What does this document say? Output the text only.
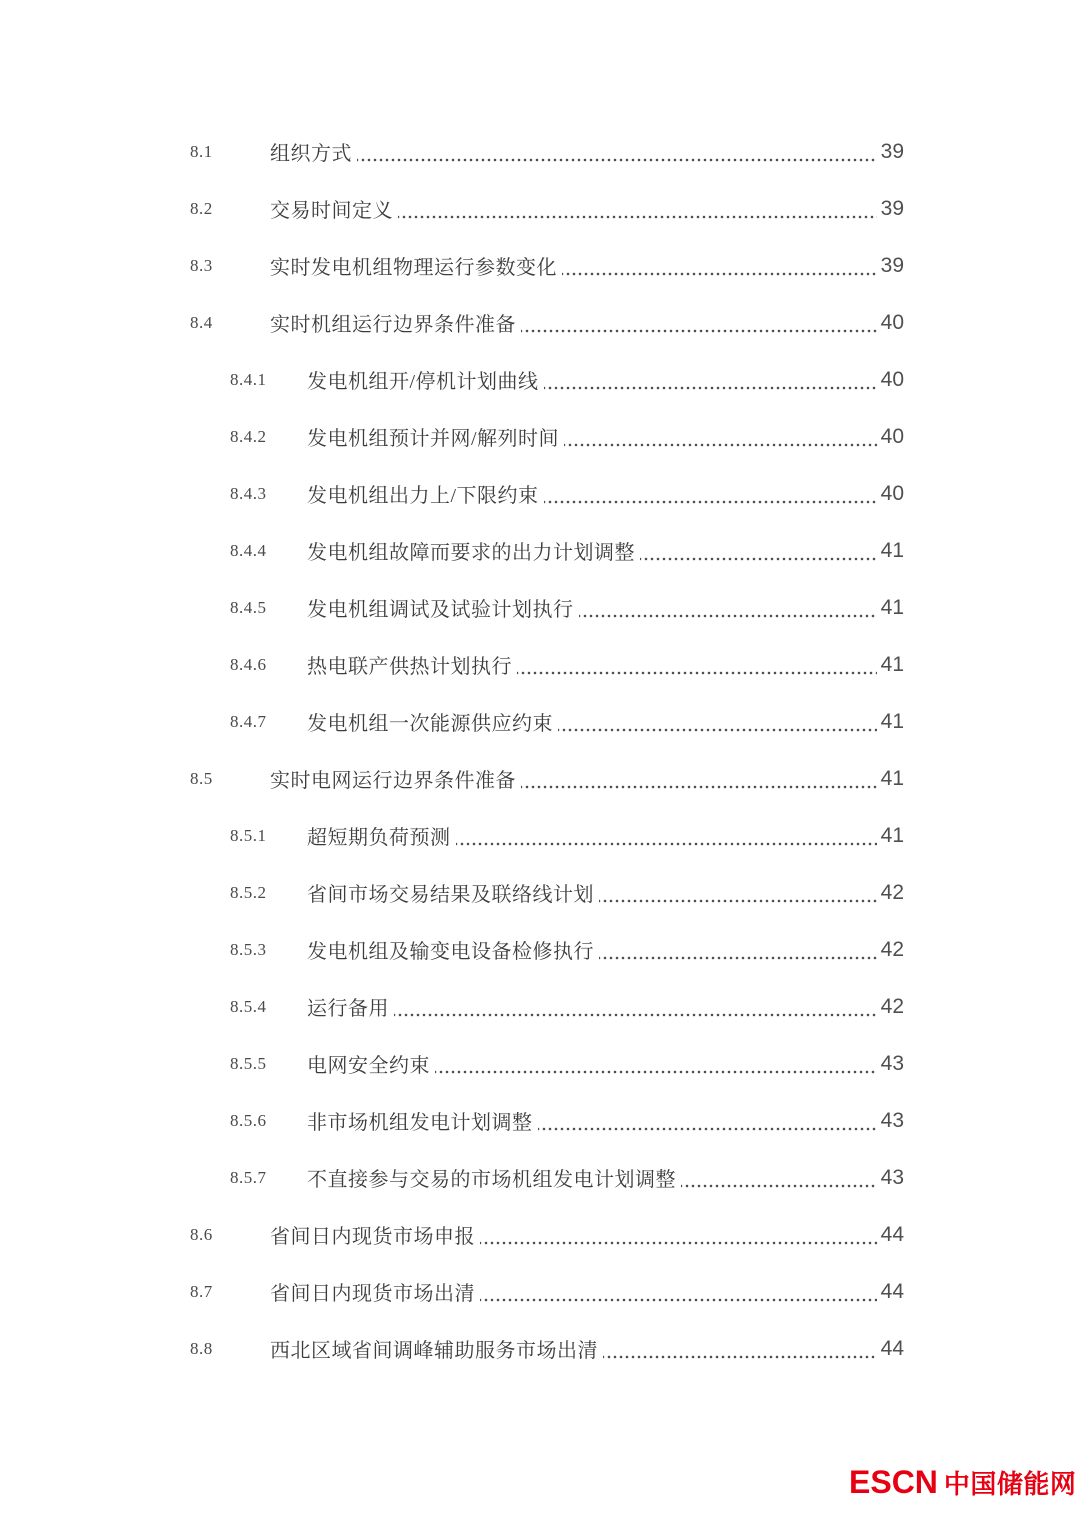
8.1	组织方式	39
8.2	交易时间定义	39
8.3	实时发电机组物理运行参数变化	39
8.4	实时机组运行边界条件准备	40
8.4.1	发电机组开/停机计划曲线	40
8.4.2	发电机组预计并网/解列时间	40
8.4.3	发电机组出力上/下限约束	40
8.4.4	发电机组故障而要求的出力计划调整	41
8.4.5	发电机组调试及试验计划执行	41
8.4.6	热电联产供热计划执行	41
8.4.7	发电机组一次能源供应约束	41
8.5	实时电网运行边界条件准备	41
8.5.1	超短期负荷预测	41
8.5.2	省间市场交易结果及联络线计划	42
8.5.3	发电机组及输变电设备检修执行	42
8.5.4	运行备用	42
8.5.5	电网安全约束	43
8.5.6	非市场机组发电计划调整	43
8.5.7	不直接参与交易的市场机组发电计划调整	43
8.6	省间日内现货市场申报	44
8.7	省间日内现货市场出清	44
8.8	西北区域省间调峰辅助服务市场出清	44
ESCN 中国储能网
